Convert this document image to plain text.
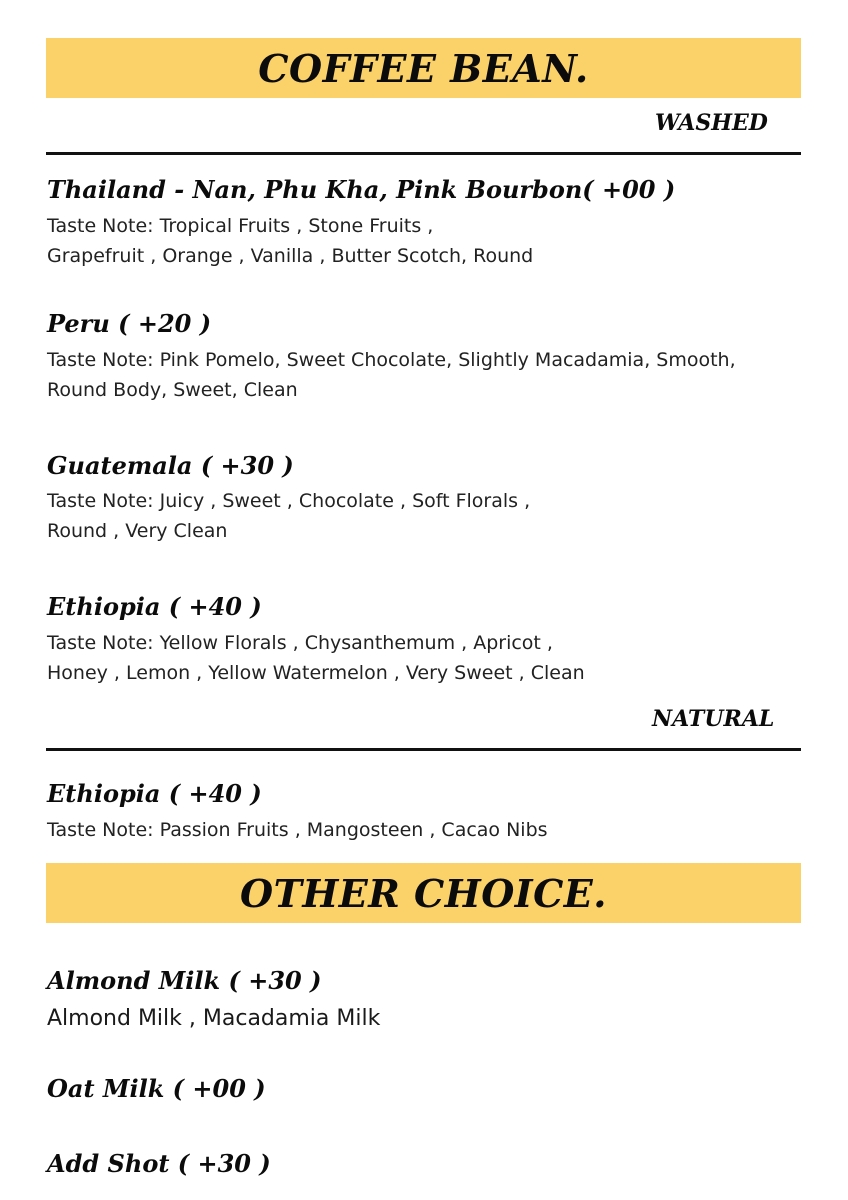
COFFEE BEAN.
WASHED
Thailand - Nan, Phu Kha, Pink Bourbon( +00 )
Taste Note: Tropical Fruits , Stone Fruits ,
Grapefruit , Orange , Vanilla , Butter Scotch, Round
Peru ( +20 )
Taste Note: Pink Pomelo, Sweet Chocolate, Slightly Macadamia, Smooth,
Round Body, Sweet, Clean
Guatemala ( +30 )
Taste Note: Juicy , Sweet , Chocolate , Soft Florals ,
Round , Very Clean
Ethiopia ( +40 )
Taste Note: Yellow Florals , Chysanthemum , Apricot ,
Honey , Lemon , Yellow Watermelon , Very Sweet , Clean
NATURAL
Ethiopia ( +40 )
Taste Note: Passion Fruits , Mangosteen , Cacao Nibs
OTHER CHOICE.
Almond Milk ( +30 )
Almond Milk , Macadamia Milk
Oat Milk ( +00 )
Add Shot ( +30 )
